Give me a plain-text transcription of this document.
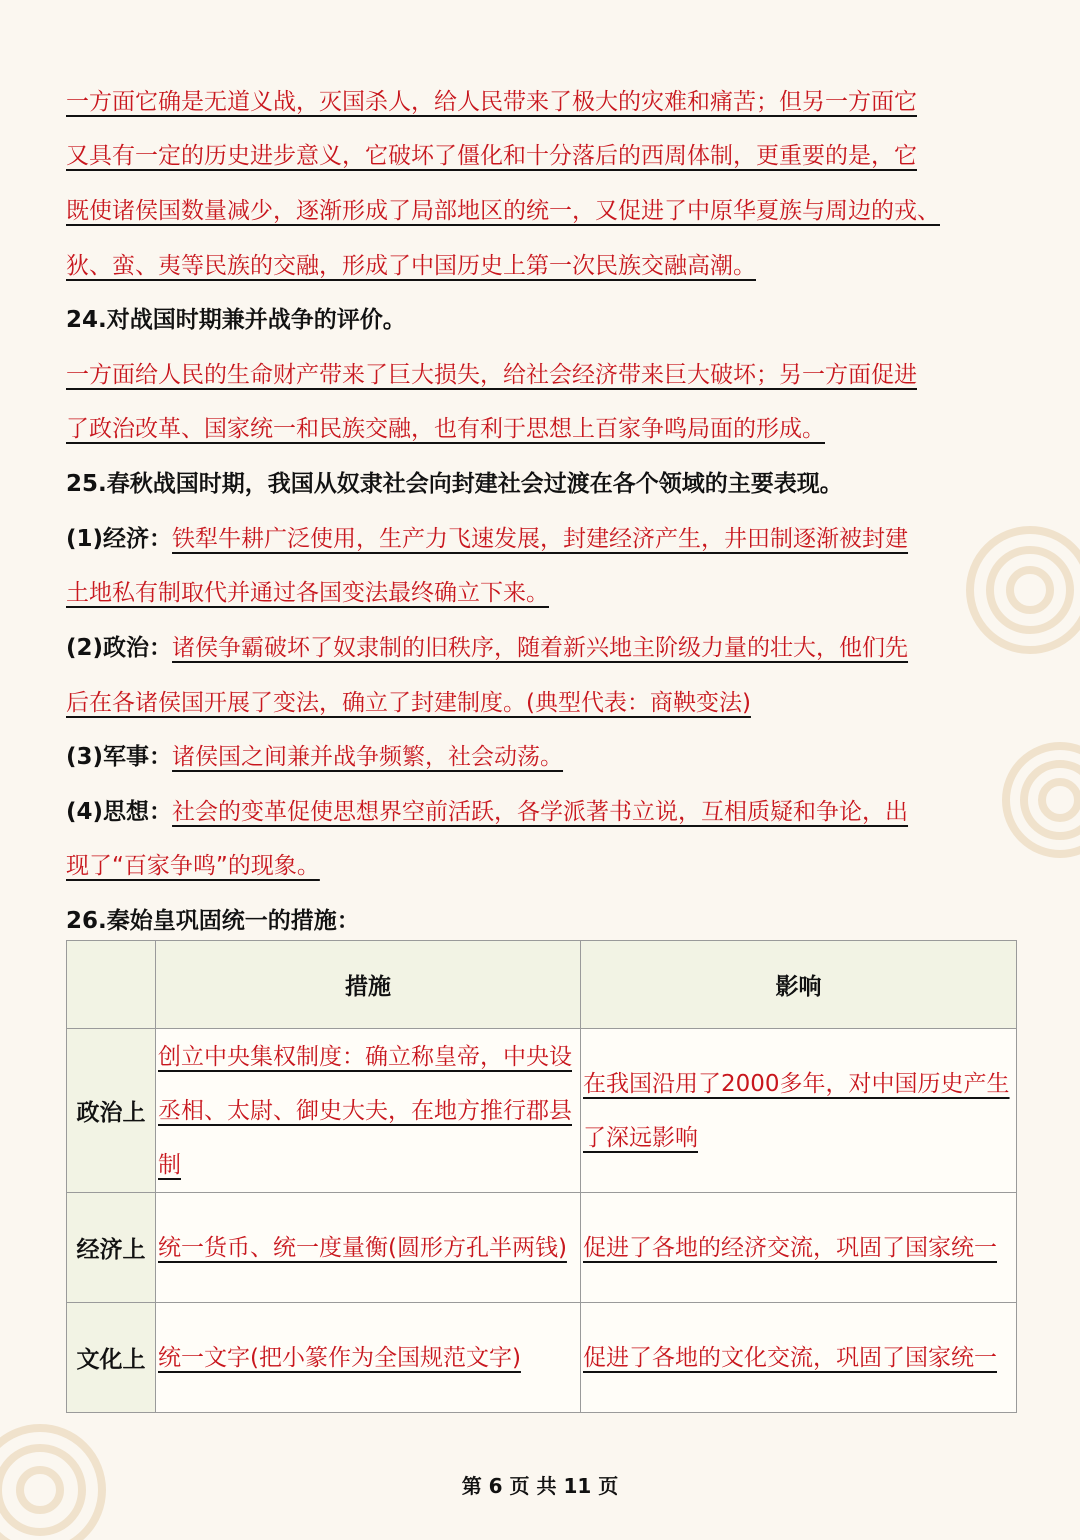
一方面它确是无道义战，灭国杀人，给人民带来了极大的灾难和痛苦；但另一方面它
又具有一定的历史进步意义，它破坏了僵化和十分落后的西周体制，更重要的是，它
既使诸侯国数量减少，逐渐形成了局部地区的统一，又促进了中原华夏族与周边的戎、
狄、蛮、夷等民族的交融，形成了中国历史上第一次民族交融高潮。
24.对战国时期兼并战争的评价。
一方面给人民的生命财产带来了巨大损失，给社会经济带来巨大破坏；另一方面促进
了政治改革、国家统一和民族交融，也有利于思想上百家争鸣局面的形成。
25.春秋战国时期，我国从奴隶社会向封建社会过渡在各个领域的主要表现。
(1)经济：铁犁牛耕广泛使用，生产力飞速发展，封建经济产生，井田制逐渐被封建
土地私有制取代并通过各国变法最终确立下来。
(2)政治：诸侯争霸破坏了奴隶制的旧秩序，随着新兴地主阶级力量的壮大，他们先
后在各诸侯国开展了变法，确立了封建制度。(典型代表：商鞅变法)
(3)军事：诸侯国之间兼并战争频繁，社会动荡。
(4)思想：社会的变革促使思想界空前活跃，各学派著书立说，互相质疑和争论，出
现了“百家争鸣”的现象。
26.秦始皇巩固统一的措施：
	措施	影响
政治上	创立中央集权制度：确立称皇帝，中央设丞相、太尉、御史大夫，在地方推行郡县制	在我国沿用了2000多年，对中国历史产生了深远影响
经济上	统一货币、统一度量衡(圆形方孔半两钱)	促进了各地的经济交流，巩固了国家统一
文化上	统一文字(把小篆作为全国规范文字)	促进了各地的文化交流，巩固了国家统一
第 6 页 共 11 页
